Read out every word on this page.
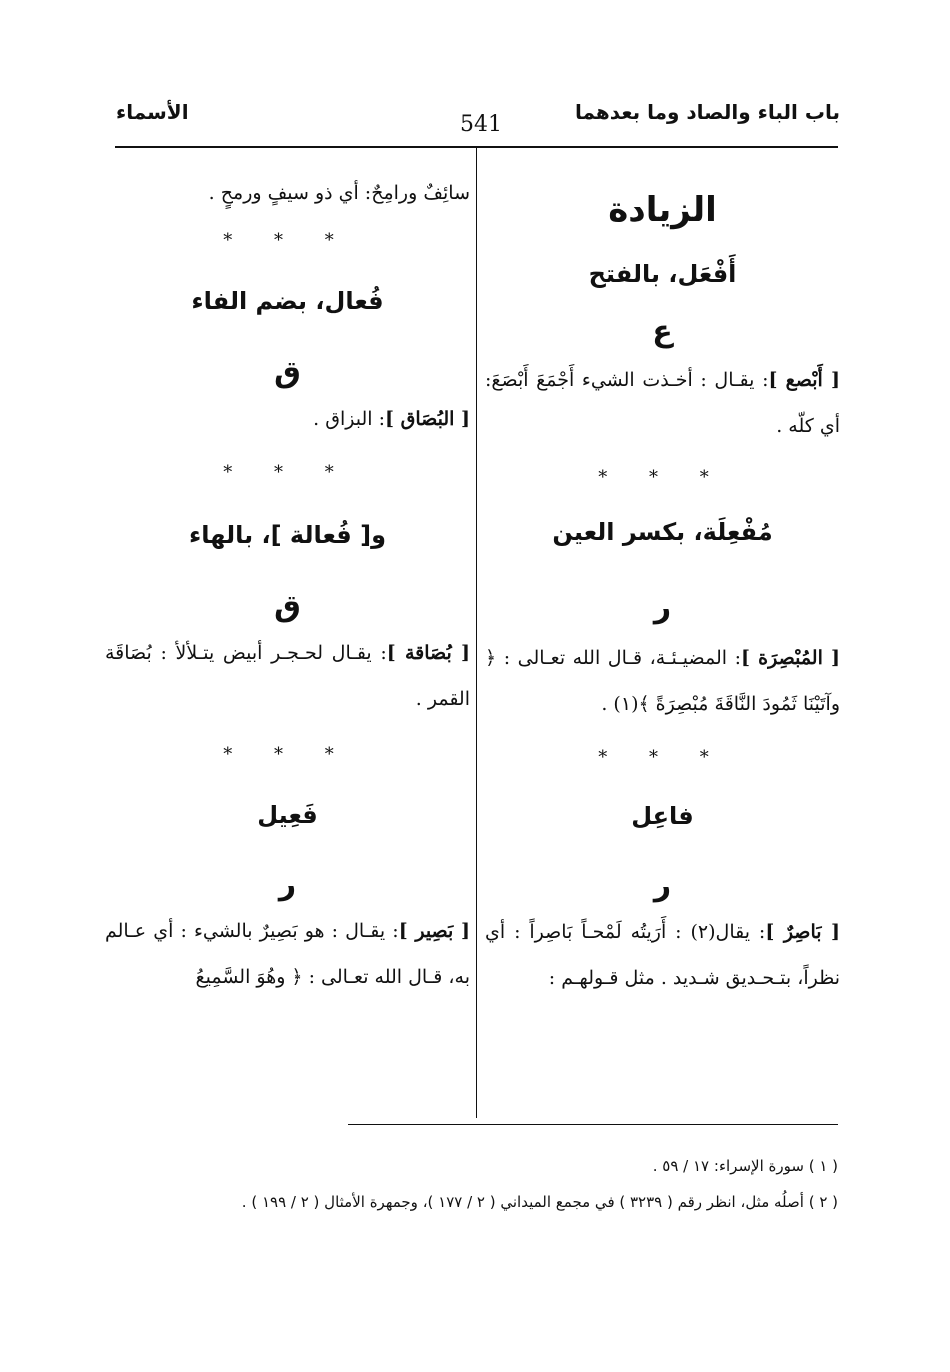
باب الباء والصاد وما بعدهما
541
الأسماء
الزيادة
أَفْعَل، بالفتح
ع
[ أَبْصع ]: يقـال : أخـذت الشيء أَجْمَعَ أَبْصَعَ: أي كلّه .
* * *
مُفْعِلَة، بكسر العين
ر
[ المُبْصِرَة ]: المضيـئـة، قـال الله تعـالى : ﴿ وآتَيْنَا ثَمُودَ النَّاقَةَ مُبْصِرَةً ﴾(١) .
* * *
فاعِل
ر
[ بَاصِرٌ ]: يقال(٢) : أَرَيتُه لَمْحـاً بَاصِراً : أي نظراً، بتـحـديق شـديد . مثل قـولهـم :
سائِفٌ ورامِحٌ: أي ذو سيفٍ ورمحٍ .
* * *
فُعال، بضم الفاء
ق
[ البُصَاق ]: البزاق .
* * *
و[ فُعالة ]، بالهاء
ق
[ بُصَاقة ]: يقـال لحـجـر أبيض يتـلألأ : بُصَاقَة القمر .
* * *
فَعِيل
ر
[ بَصِير ]: يقـال : هو بَصِيرٌ بالشيء : أي عـالم به، قـال الله تعـالى : ﴿ وهُوَ السَّمِيعُ
( ١ ) سورة الإسراء: ١٧ / ٥٩ .
( ٢ ) أصلُه مثل، انظر رقم ( ٣٢٣٩ ) في مجمع الميداني ( ٢ / ١٧٧ )، وجمهرة الأمثال ( ٢ / ١٩٩ ) .
